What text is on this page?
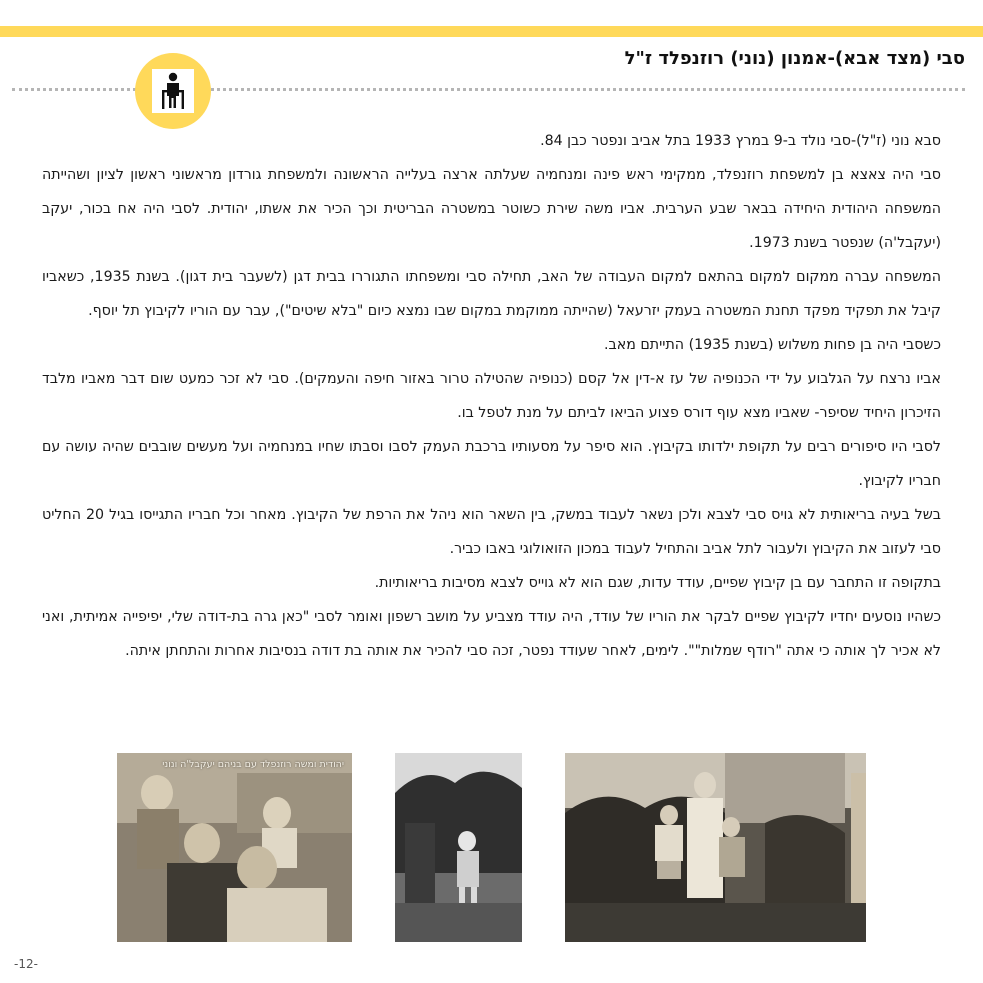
סבי (מצד אבא)-אמנון (נוני) רוזנפלד ז"ל

סבא נוני (ז"ל)-סבי נולד ב-9 במרץ 1933 בתל אביב ונפטר כבן 84.

סבי היה צאצא בן למשפחת רוזנפלד, ממקימי ראש פינה ומנחמיה שעלתה ארצה בעלייה הראשונה ולמשפחת גורדון מראשוני ראשון לציון ושהייתה המשפחה היהודית היחידה בבאר שבע הערבית. אביו משה שירת כשוטר במשטרה הבריטית וכך הכיר את אשתו, יהודית. לסבי היה אח בכור, יעקב (יעקבל'ה) שנפטר בשנת 1973.

המשפחה עברה ממקום למקום בהתאם למקום העבודה של האב, תחילה סבי ומשפחתו התגוררו בבית דגן (לשעבר בית דגון). בשנת 1935, כשאביו קיבל את תפקיד מפקד תחנת המשטרה בעמק יזרעאל (שהייתה ממוקמת במקום שבו נמצא כיום "בלא שיטים"), עבר עם הוריו לקיבוץ תל יוסף.

כשסבי היה בן פחות משלוש (בשנת 1935) התייתם מאב.

אביו נרצח על הגלבוע על ידי הכנופיה של עז א-דין אל קסם (כנופיה שהטילה טרור באזור חיפה והעמקים). סבי לא זכר כמעט שום דבר מאביו מלבד הזיכרון היחיד שסיפר- שאביו מצא עוף דורס פצוע הביאו לביתם על מנת לטפל בו.

לסבי היו סיפורים רבים על תקופת ילדותו בקיבוץ. הוא סיפר על מסעותיו ברכבת העמק לסבו וסבתו שחיו במנחמיה ועל מעשים שובבים שהיה עושה עם חבריו לקיבוץ.

בשל בעיה בריאותית לא גויס סבי לצבא ולכן נשאר לעבוד במשק, בין השאר הוא ניהל את הרפת של הקיבוץ. מאחר וכל חבריו התגייסו בגיל 20 החליט סבי לעזוב את הקיבוץ ולעבור לתל אביב והתחיל לעבוד במכון הזואולוגי באבו כביר.

בתקופה זו התחבר עם בן קיבוץ שפיים, עודד עדות, שגם הוא לא גוייס לצבא מסיבות בריאותיות.

כשהיו נוסעים יחדיו לקיבוץ שפיים לבקר את הוריו של עודד, היה עודד מצביע על מושב רשפון ואומר לסבי "כאן גרה בת-דודה שלי, יפיפייה אמיתית, ואני לא אכיר לך אותה כי אתה "רודף שמלות"". לימים, לאחר שעודד נפטר, זכה סבי להכיר את אותה בת דודה בנסיבות אחרות והתחתן איתה.

יהודית ומשה רוזנפלד עם בניהם יעקבל'ה ונוני
-12-
